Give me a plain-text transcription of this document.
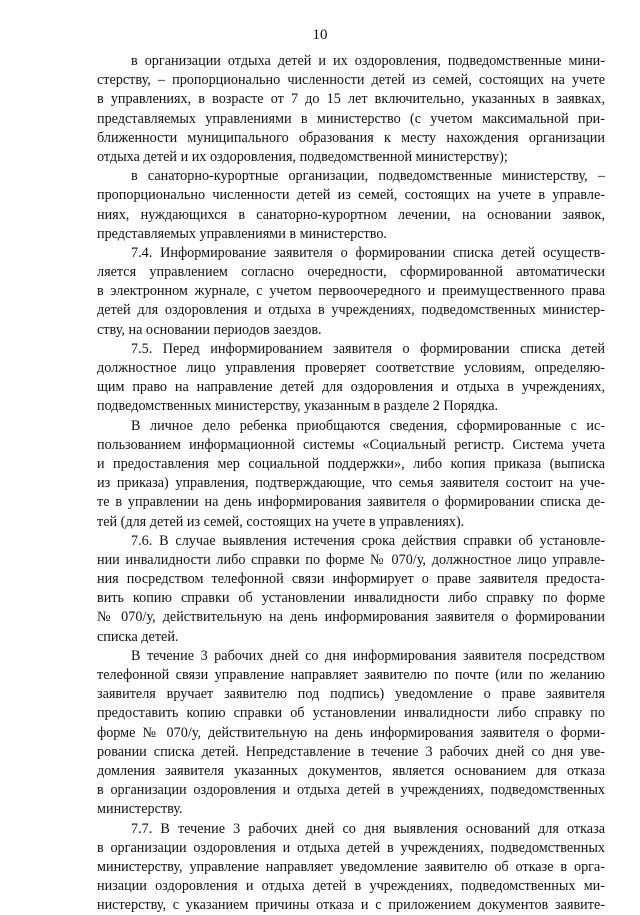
10
в организации отдыха детей и их оздоровления, подведомственные мини-
стерству, – пропорционально численности детей из семей, состоящих на учете
в управлениях, в возрасте от 7 до 15 лет включительно, указанных в заявках,
представляемых управлениями в министерство (с учетом максимальной при-
ближенности муниципального образования к месту нахождения организации
отдыха детей и их оздоровления, подведомственной министерству);
в санаторно-курортные организации, подведомственные министерству, –
пропорционально численности детей из семей, состоящих на учете в управле-
ниях, нуждающихся в санаторно-курортном лечении, на основании заявок,
представляемых управлениями в министерство.
7.4. Информирование заявителя о формировании списка детей осуществ-
ляется управлением согласно очередности, сформированной автоматически
в электронном журнале, с учетом первоочередного и преимущественного права
детей для оздоровления и отдыха в учреждениях, подведомственных министер-
ству, на основании периодов заездов.
7.5. Перед информированием заявителя о формировании списка детей
должностное лицо управления проверяет соответствие условиям, определяю-
щим право на направление детей для оздоровления и отдыха в учреждениях,
подведомственных министерству, указанным в разделе 2 Порядка.
В личное дело ребенка приобщаются сведения, сформированные с ис-
пользованием информационной системы «Социальный регистр. Система учета
и предоставления мер социальной поддержки», либо копия приказа (выписка
из приказа) управления, подтверждающие, что семья заявителя состоит на уче-
те в управлении на день информирования заявителя о формировании списка де-
тей (для детей из семей, состоящих на учете в управлениях).
7.6. В случае выявления истечения срока действия справки об установле-
нии инвалидности либо справки по форме № 070/у, должностное лицо управле-
ния посредством телефонной связи информирует о праве заявителя предоста-
вить копию справки об установлении инвалидности либо справку по форме
№ 070/у, действительную на день информирования заявителя о формировании
списка детей.
В течение 3 рабочих дней со дня информирования заявителя посредством
телефонной связи управление направляет заявителю по почте (или по желанию
заявителя вручает заявителю под подпись) уведомление о праве заявителя
предоставить копию справки об установлении инвалидности либо справку по
форме № 070/у, действительную на день информирования заявителя о форми-
ровании списка детей. Непредставление в течение 3 рабочих дней со дня уве-
домления заявителя указанных документов, является основанием для отказа
в организации оздоровления и отдыха детей в учреждениях, подведомственных
министерству.
7.7. В течение 3 рабочих дней со дня выявления оснований для отказа
в организации оздоровления и отдыха детей в учреждениях, подведомственных
министерству, управление направляет уведомление заявителю об отказе в орга-
низации оздоровления и отдыха детей в учреждениях, подведомственных ми-
нистерству, с указанием причины отказа и с приложением документов заявите-
